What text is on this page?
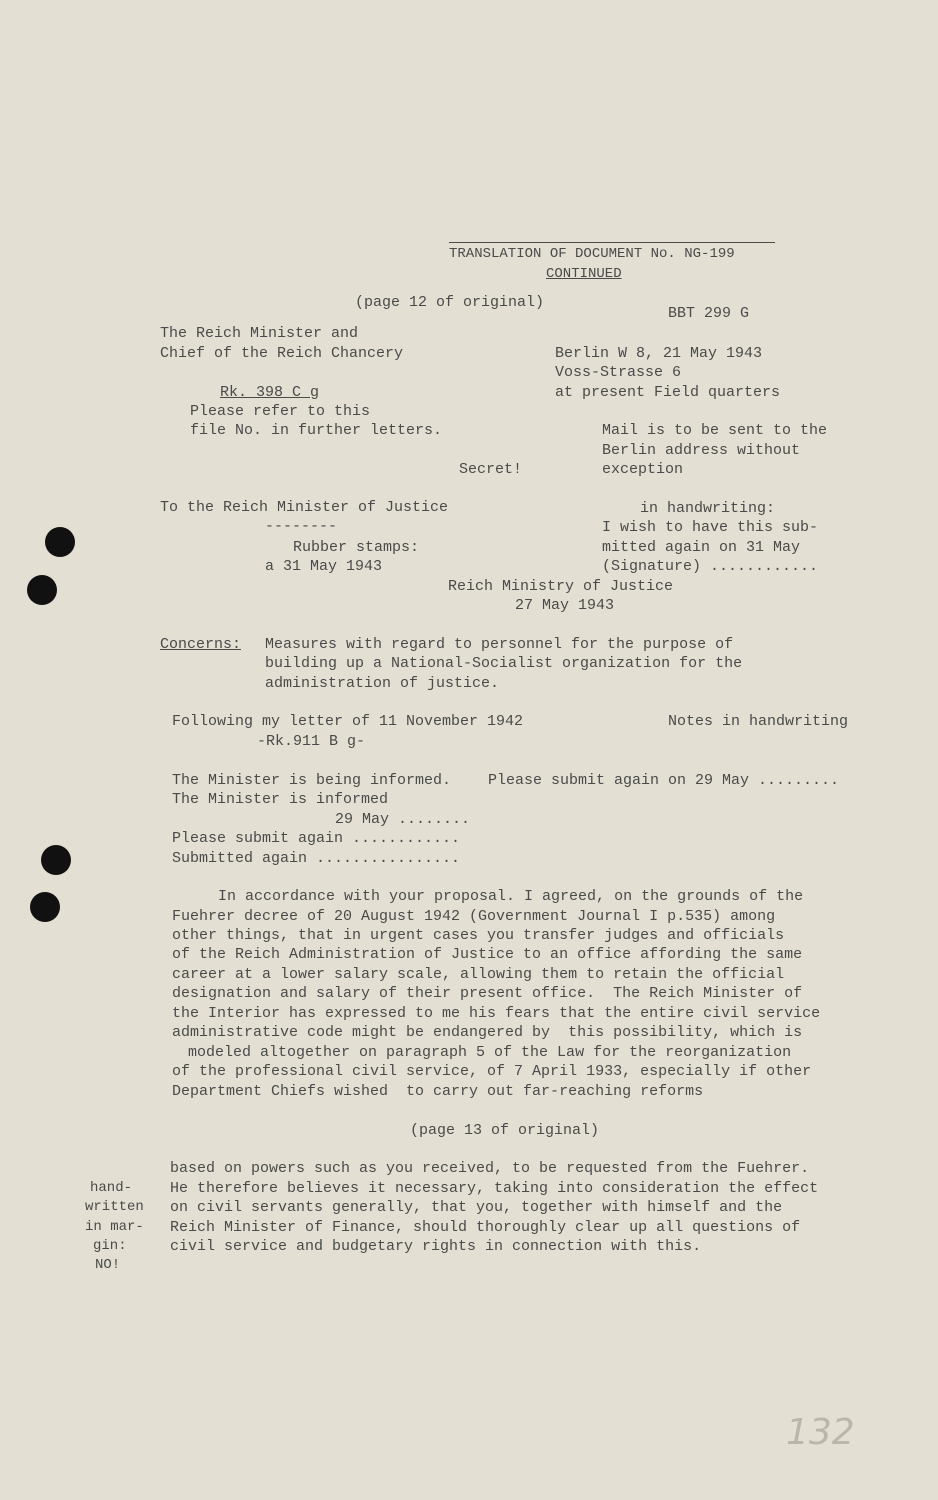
TRANSLATION OF DOCUMENT No. NG-199
CONTINUED
(page 12 of original)
BBT 299 G
The Reich Minister and
Chief of the Reich Chancery
Rk. 398 C g
Please refer to this
file No. in further letters.
Berlin W 8, 21 May 1943
Voss-Strasse 6
at present Field quarters
Mail is to be sent to the
Berlin address without
exception
Secret!
To the Reich Minister of Justice
--------
Rubber stamps:
a 31 May 1943
Reich Ministry of Justice
27 May 1943
in handwriting:
I wish to have this sub-
mitted again on 31 May
(Signature) ............
Concerns: Measures with regard to personnel for the purpose of
building up a National-Socialist organization for the
administration of justice.
Following my letter of 11 November 1942
-Rk.911 B g-
Notes in handwriting
The Minister is being informed. Please submit again on 29 May .........
The Minister is informed
29 May ........
Please submit again ............
Submitted again ................
In accordance with your proposal. I agreed, on the grounds of the
Fuehrer decree of 20 August 1942 (Government Journal I p.535) among
other things, that in urgent cases you transfer judges and officials
of the Reich Administration of Justice to an office affording the same
career at a lower salary scale, allowing them to retain the official
designation and salary of their present office.  The Reich Minister of
the Interior has expressed to me his fears that the entire civil service
administrative code might be endangered by  this possibility, which is
modeled altogether on paragraph 5 of the Law for the reorganization
of the professional civil service, of 7 April 1933, especially if other
Department Chiefs wished  to carry out far-reaching reforms
(page 13 of original)
based on powers such as you received, to be requested from the Fuehrer.
He therefore believes it necessary, taking into consideration the effect
on civil servants generally, that you, together with himself and the
Reich Minister of Finance, should thoroughly clear up all questions of
civil service and budgetary rights in connection with this.
hand-
written
in mar-
gin:
NO!
132
